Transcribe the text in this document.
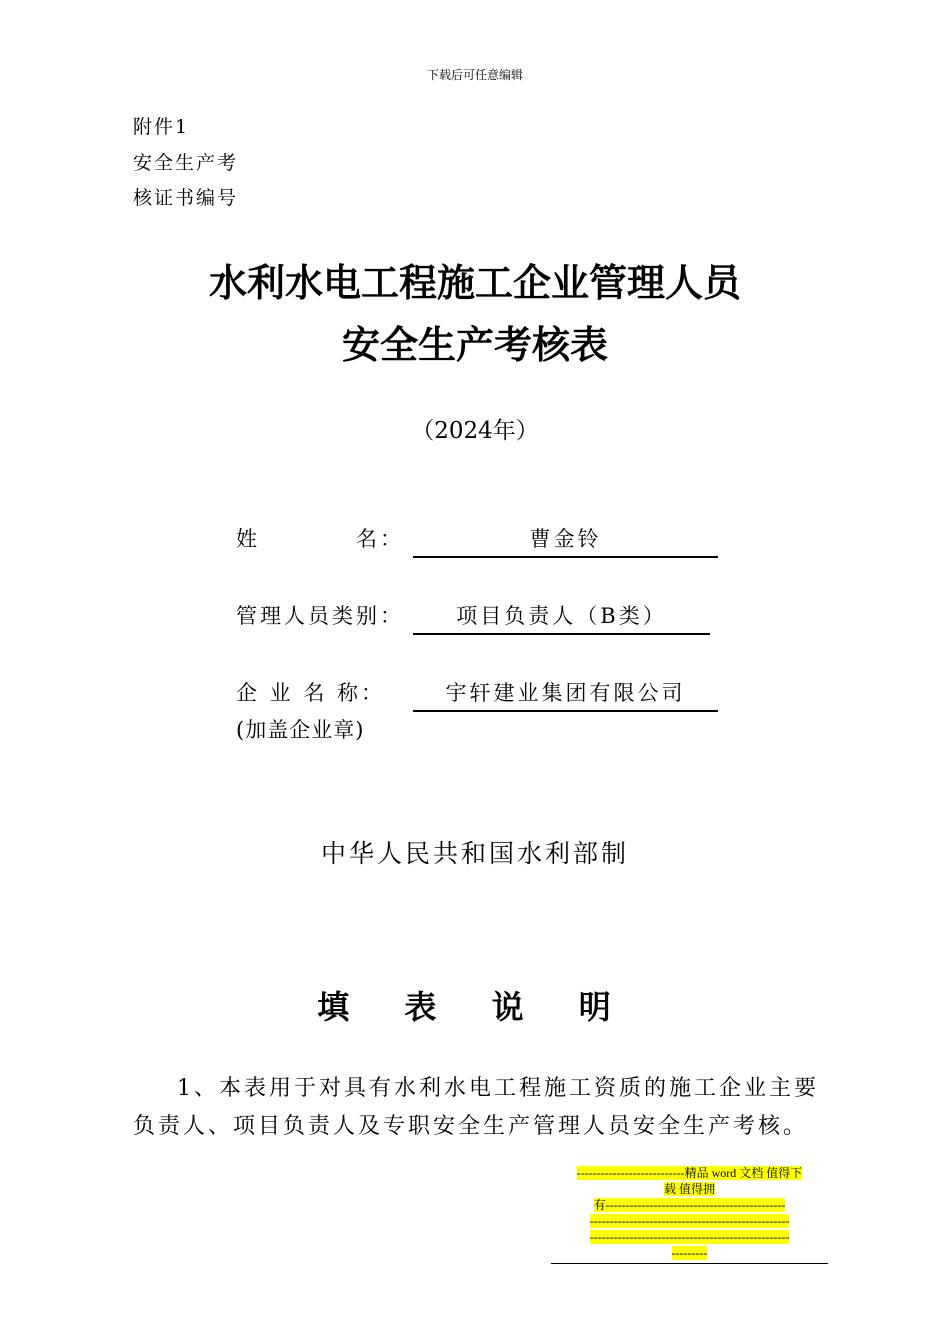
下载后可任意编辑
附件1
安全生产考
核证书编号
水利水电工程施工企业管理人员
安全生产考核表
（2024年）
姓　　　　名：	曹金铃
管理人员类别：	项目负责人（B类）
企 业 名 称：	宇轩建业集团有限公司
(加盖企业章)
中华人民共和国水利部制
填 表 说 明
1、本表用于对具有水利水电工程施工资质的施工企业主要负责人、项目负责人及专职安全生产管理人员安全生产考核。
---------------------------精品 word 文档 值得下
载 值得拥
有---------------------------------------------
--------------------------------------------------
--------------------------------------------------
---------
